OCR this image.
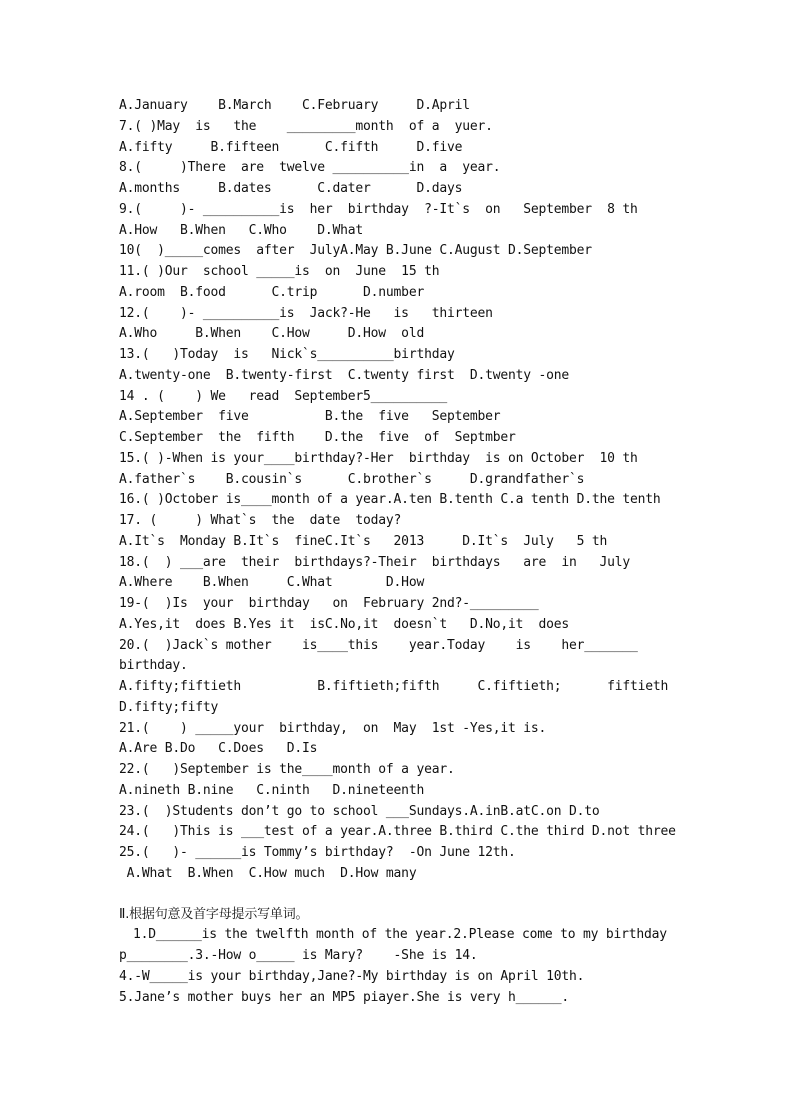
A.January    B.March    C.February     D.April
7.( )May  is   the    _________month  of a  yuer.
A.fifty     B.fifteen      C.fifth     D.five
8.(     )There  are  twelve __________in  a  year.
A.months     B.dates      C.dater      D.days
9.(     )- __________is  her  birthday  ?-It`s  on   September  8 th
A.How   B.When   C.Who    D.What
10(  )_____comes  after  JulyA.May B.June C.August D.September
11.( )Our  school _____is  on  June  15 th
A.room  B.food      C.trip      D.number
12.(    )- __________is  Jack?-He   is   thirteen
A.Who     B.When    C.How     D.How  old
13.(   )Today  is   Nick`s__________birthday
A.twenty-one  B.twenty-first  C.twenty first  D.twenty -one
14 . (    ) We   read  September5__________
A.September  five          B.the  five   September
C.September  the  fifth    D.the  five  of  Septmber
15.( )-When is your____birthday?-Her  birthday  is on October  10 th
A.father`s    B.cousin`s      C.brother`s     D.grandfather`s
16.( )October is____month of a year.A.ten B.tenth C.a tenth D.the tenth
17. (     ) What`s  the  date  today?
A.It`s  Monday B.It`s  fineC.It`s   2013     D.It`s  July   5 th
18.(  ) ___are  their  birthdays?-Their  birthdays   are  in   July
A.Where    B.When     C.What       D.How
19-(  )Is  your  birthday   on  February 2nd?-_________
A.Yes,it  does B.Yes it  isC.No,it  doesn`t   D.No,it  does
20.(  )Jack`s mother    is____this    year.Today    is    her_______
birthday.
A.fifty;fiftieth          B.fiftieth;fifth     C.fiftieth;      fiftieth
D.fifty;fifty
21.(    ) _____your  birthday,  on  May  1st -Yes,it is.
A.Are B.Do   C.Does   D.Is
22.(   )September is the____month of a year.
A.nineth B.nine   C.ninth   D.nineteenth
23.(  )Students don’t go to school ___Sundays.A.inB.atC.on D.to
24.(   )This is ___test of a year.A.three B.third C.the third D.not three
25.(   )- ______is Tommy’s birthday?  -On June 12th.
A.What  B.When  C.How much  D.How many
Ⅱ.根据句意及首字母提示写单词。
1.D______is the twelfth month of the year.2.Please come to my birthday
p________.3.-How o_____ is Mary?    -She is 14.
4.-W_____is your birthday,Jane?-My birthday is on April 10th.
5.Jane’s mother buys her an MP5 piayer.She is very h______.
